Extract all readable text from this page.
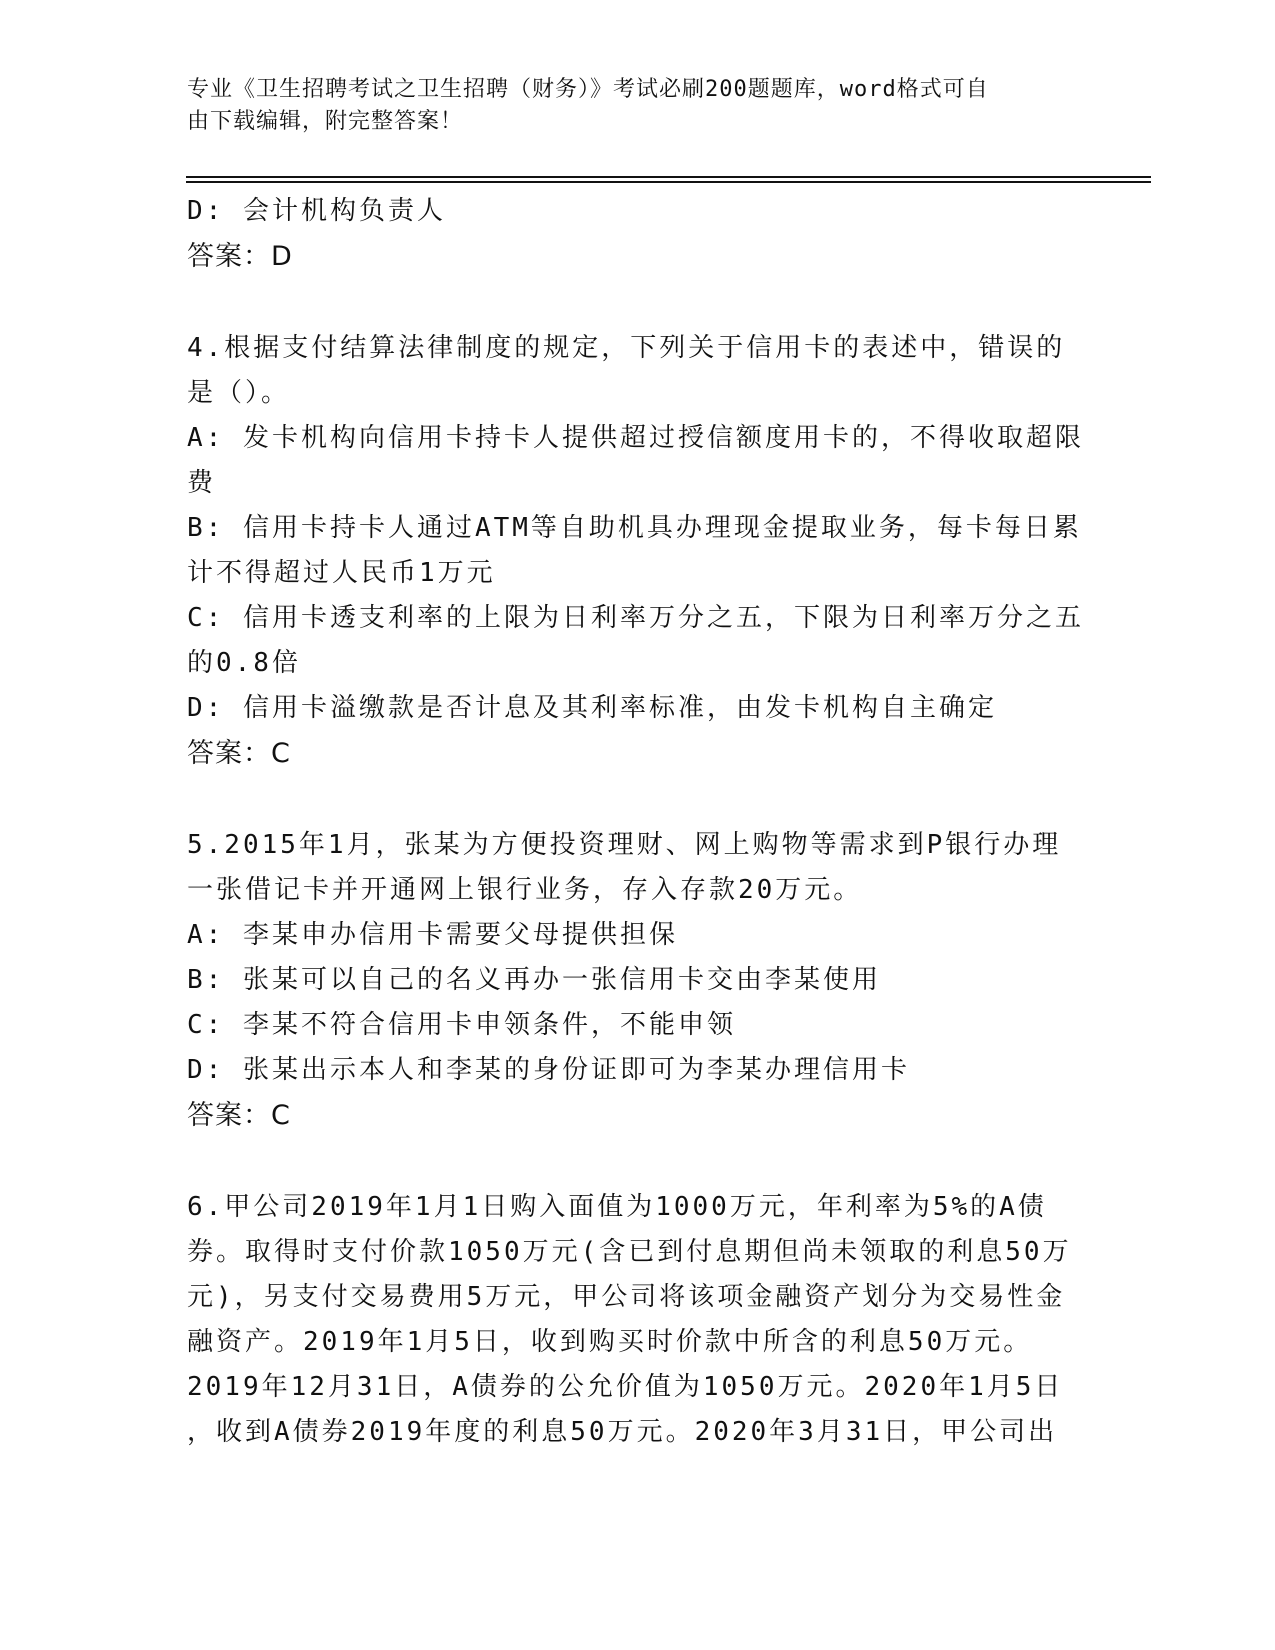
专业《卫生招聘考试之卫生招聘（财务）》考试必刷200题题库，word格式可自
由下载编辑，附完整答案！
D: 会计机构负责人
答案：D
4.根据支付结算法律制度的规定，下列关于信用卡的表述中，错误的
是（）。
A: 发卡机构向信用卡持卡人提供超过授信额度用卡的，不得收取超限
费
B: 信用卡持卡人通过ATM等自助机具办理现金提取业务，每卡每日累
计不得超过人民币1万元
C: 信用卡透支利率的上限为日利率万分之五，下限为日利率万分之五
的0.8倍
D: 信用卡溢缴款是否计息及其利率标准，由发卡机构自主确定
答案：C
5.2015年1月，张某为方便投资理财、网上购物等需求到P银行办理
一张借记卡并开通网上银行业务，存入存款20万元。
A: 李某申办信用卡需要父母提供担保
B: 张某可以自己的名义再办一张信用卡交由李某使用
C: 李某不符合信用卡申领条件，不能申领
D: 张某出示本人和李某的身份证即可为李某办理信用卡
答案：C
6.甲公司2019年1月1日购入面值为1000万元，年利率为5%的A债
券。取得时支付价款1050万元(含已到付息期但尚未领取的利息50万
元)，另支付交易费用5万元，甲公司将该项金融资产划分为交易性金
融资产。2019年1月5日，收到购买时价款中所含的利息50万元。
2019年12月31日，A债券的公允价值为1050万元。2020年1月5日
，收到A债券2019年度的利息50万元。2020年3月31日，甲公司出
